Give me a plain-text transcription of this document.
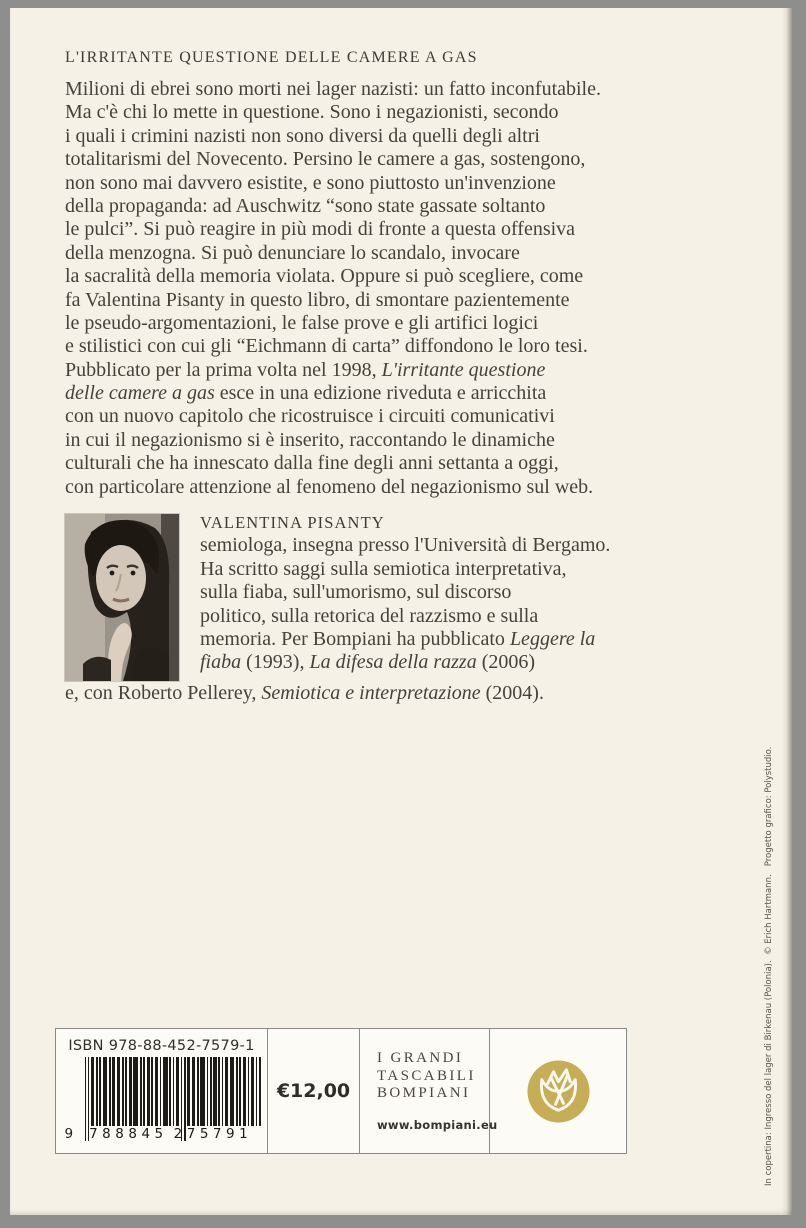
L'IRRITANTE QUESTIONE DELLE CAMERE A GAS
Milioni di ebrei sono morti nei lager nazisti: un fatto inconfutabile.
Ma c'è chi lo mette in questione. Sono i negazionisti, secondo
i quali i crimini nazisti non sono diversi da quelli degli altri
totalitarismi del Novecento. Persino le camere a gas, sostengono,
non sono mai davvero esistite, e sono piuttosto un'invenzione
della propaganda: ad Auschwitz “sono state gassate soltanto
le pulci”. Si può reagire in più modi di fronte a questa offensiva
della menzogna. Si può denunciare lo scandalo, invocare
la sacralità della memoria violata. Oppure si può scegliere, come
fa Valentina Pisanty in questo libro, di smontare pazientemente
le pseudo-argomentazioni, le false prove e gli artifici logici
e stilistici con cui gli “Eichmann di carta” diffondono le loro tesi.
Pubblicato per la prima volta nel 1998, L'irritante questione
delle camere a gas esce in una edizione riveduta e arricchita
con un nuovo capitolo che ricostruisce i circuiti comunicativi
in cui il negazionismo si è inserito, raccontando le dinamiche
culturali che ha innescato dalla fine degli anni settanta a oggi,
con particolare attenzione al fenomeno del negazionismo sul web.
VALENTINA PISANTY
semiologa, insegna presso l'Università di Bergamo.
Ha scritto saggi sulla semiotica interpretativa,
sulla fiaba, sull'umorismo, sul discorso
politico, sulla retorica del razzismo e sulla
memoria. Per Bompiani ha pubblicato Leggere la
fiaba (1993), La difesa della razza (2006)
e, con Roberto Pellerey, Semiotica e interpretazione (2004).
ISBN 978-88-452-7579-1
9 788845 275791
€12,00
I GRANDI
TASCABILI
BOMPIANI
www.bompiani.eu	In copertina: Ingresso del lager di Birkenau (Polonia).  © Erich Hartmann.   Progetto grafico: Polystudio.
